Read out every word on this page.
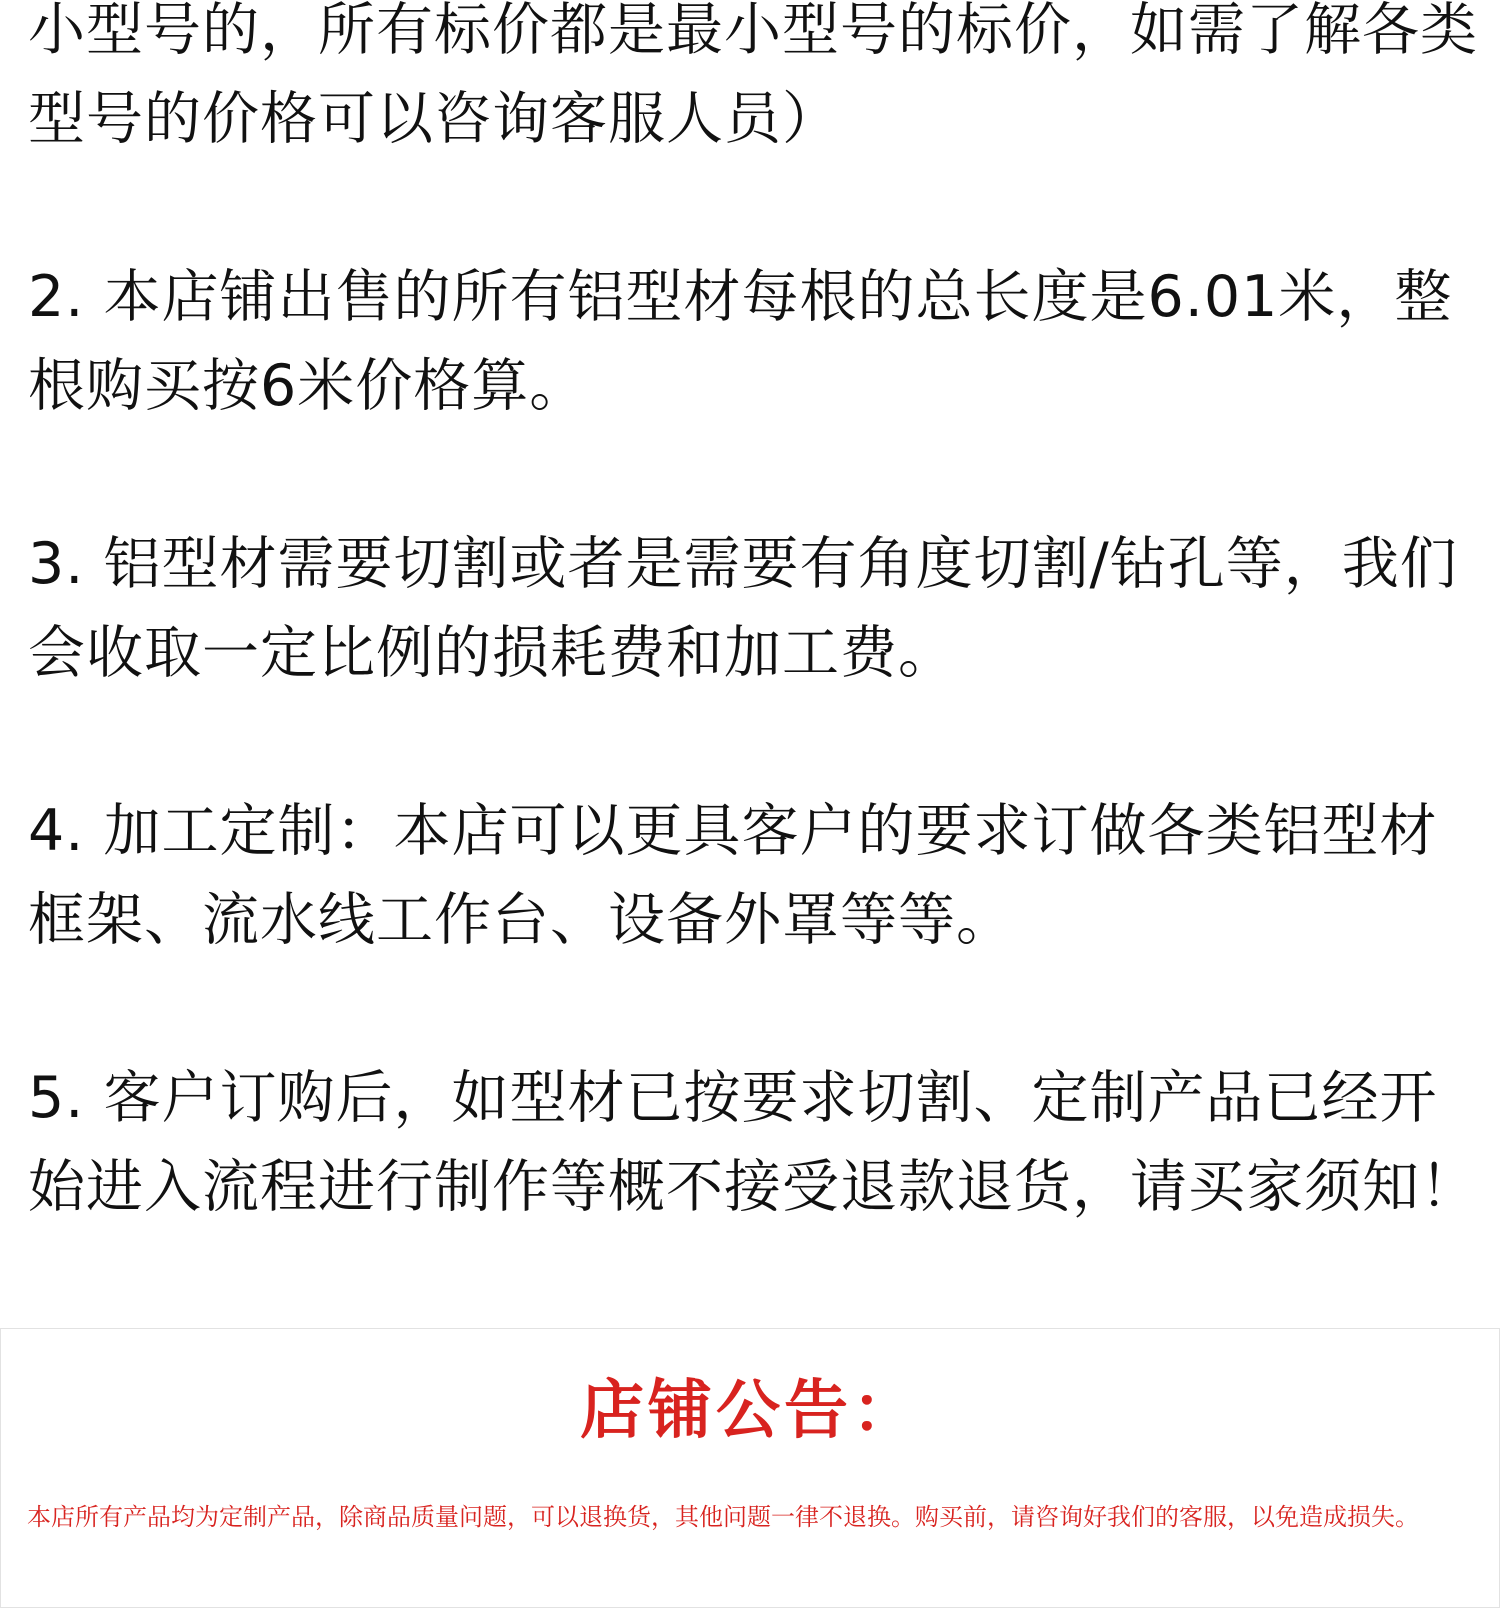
小型号的，所有标价都是最小型号的标价，如需了解各类型号的价格可以咨询客服人员）

2. 本店铺出售的所有铝型材每根的总长度是6.01米，整根购买按6米价格算。

3. 铝型材需要切割或者是需要有角度切割/钻孔等，我们会收取一定比例的损耗费和加工费。

4. 加工定制：本店可以更具客户的要求订做各类铝型材框架、流水线工作台、设备外罩等等。

5. 客户订购后，如型材已按要求切割、定制产品已经开始进入流程进行制作等概不接受退款退货，请买家须知！

店铺公告：
本店所有产品均为定制产品，除商品质量问题，可以退换货，其他问题一律不退换。购买前，请咨询好我们的客服，以免造成损失。
